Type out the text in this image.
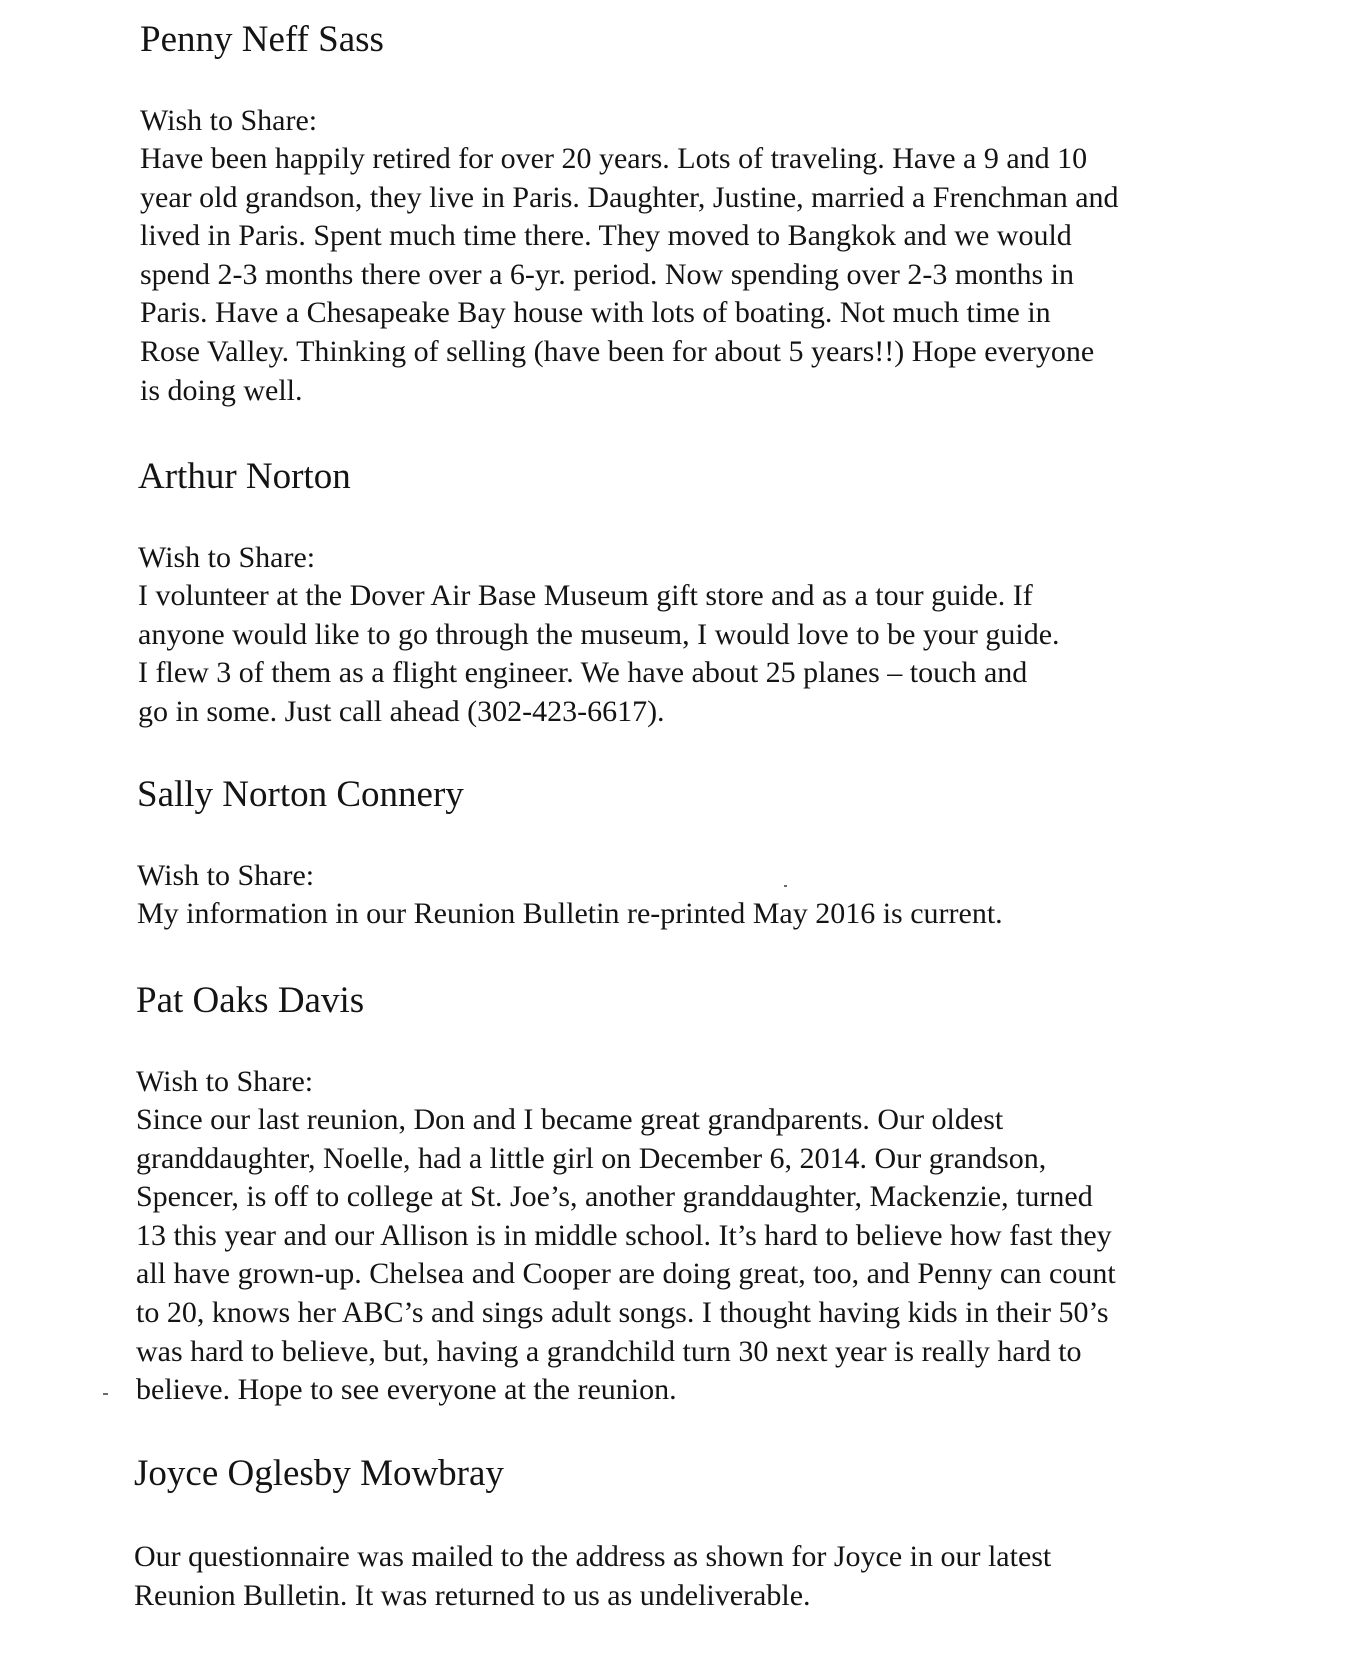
Penny Neff Sass

Wish to Share:

Have been happily retired for over 20 years. Lots of traveling. Have a 9 and 10
year old grandson, they live in Paris. Daughter, Justine, married a Frenchman and
lived in Paris. Spent much time there. They moved to Bangkok and we would
spend 2-3 months there over a 6-yr. period. Now spending over 2-3 months in
Paris. Have a Chesapeake Bay house with lots of boating. Not much time in
Rose Valley. Thinking of selling (have been for about 5 years!!) Hope everyone
is doing well.
Arthur Norton

Wish to Share:

I volunteer at the Dover Air Base Museum gift store and as a tour guide. If
anyone would like to go through the museum, I would love to be your guide.
I flew 3 of them as a flight engineer. We have about 25 planes – touch and
go in some. Just call ahead (302-423-6617).
Sally Norton Connery

Wish to Share:

My information in our Reunion Bulletin re-printed May 2016 is current.
Pat Oaks Davis

Wish to Share:

Since our last reunion, Don and I became great grandparents. Our oldest
granddaughter, Noelle, had a little girl on December 6, 2014. Our grandson,
Spencer, is off to college at St. Joe’s, another granddaughter, Mackenzie, turned
13 this year and our Allison is in middle school. It’s hard to believe how fast they
all have grown-up. Chelsea and Cooper are doing great, too, and Penny can count
to 20, knows her ABC’s and sings adult songs. I thought having kids in their 50’s
was hard to believe, but, having a grandchild turn 30 next year is really hard to
believe. Hope to see everyone at the reunion.
Joyce Oglesby Mowbray
Our questionnaire was mailed to the address as shown for Joyce in our latest
Reunion Bulletin. It was returned to us as undeliverable.
